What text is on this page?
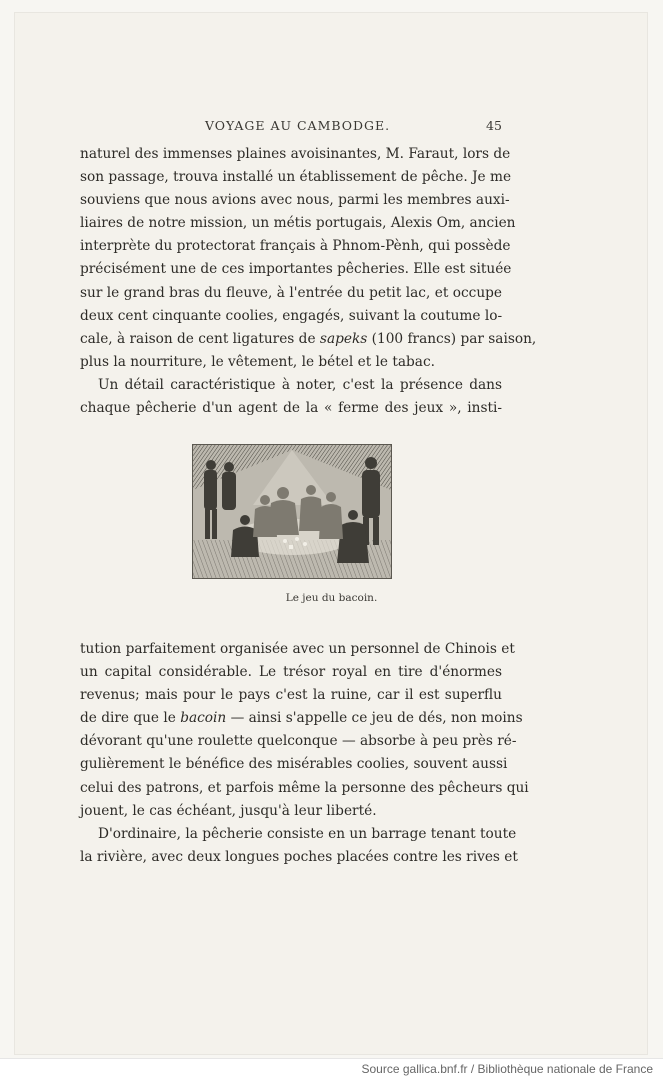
VOYAGE AU CAMBODGE.	45
naturel des immenses plaines avoisinantes, M. Faraut, lors de
son passage, trouva installé un établissement de pêche. Je me
souviens que nous avions avec nous, parmi les membres auxi-
liaires de notre mission, un métis portugais, Alexis Om, ancien
interprète du protectorat français à Phnom-Pènh, qui possède
précisément une de ces importantes pêcheries. Elle est située
sur le grand bras du fleuve, à l'entrée du petit lac, et occupe
deux cent cinquante coolies, engagés, suivant la coutume lo-
cale, à raison de cent ligatures de sapeks (100 francs) par saison,
plus la nourriture, le vêtement, le bétel et le tabac.
Un détail caractéristique à noter, c'est la présence dans
chaque pêcherie d'un agent de la « ferme des jeux », insti-
Le jeu du bacoin.
tution parfaitement organisée avec un personnel de Chinois et
un capital considérable. Le trésor royal en tire d'énormes
revenus; mais pour le pays c'est la ruine, car il est superflu
de dire que le bacoin — ainsi s'appelle ce jeu de dés, non moins
dévorant qu'une roulette quelconque — absorbe à peu près ré-
gulièrement le bénéfice des misérables coolies, souvent aussi
celui des patrons, et parfois même la personne des pêcheurs qui
jouent, le cas échéant, jusqu'à leur liberté.
D'ordinaire, la pêcherie consiste en un barrage tenant toute
la rivière, avec deux longues poches placées contre les rives et
Source gallica.bnf.fr / Bibliothèque nationale de France
